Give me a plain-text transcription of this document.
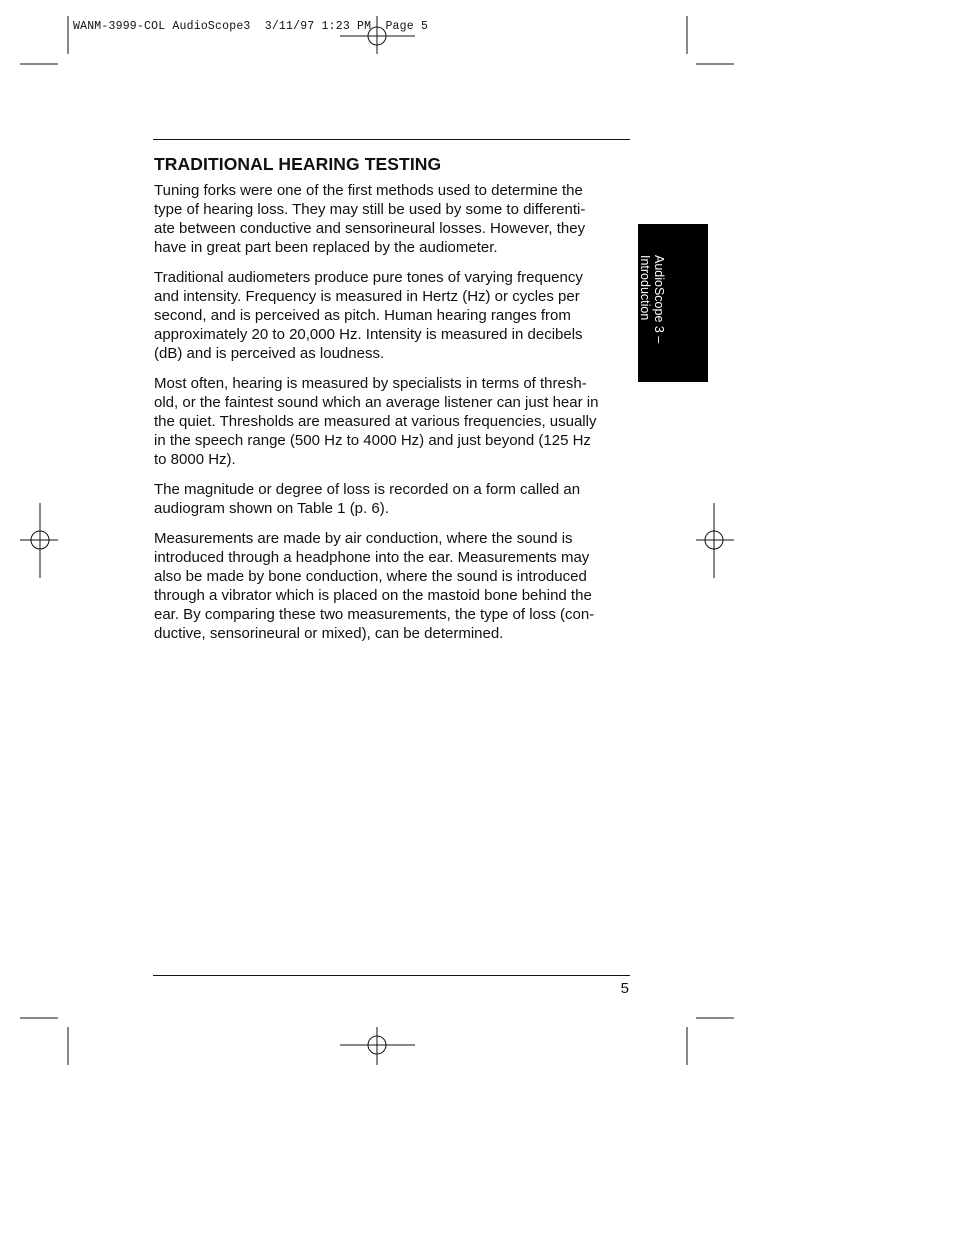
WANM-3999-COL AudioScope3  3/11/97 1:23 PM  Page 5
TRADITIONAL HEARING TESTING

Tuning forks were one of the first methods used to determine the
type of hearing loss. They may still be used by some to differenti-
ate between conductive and sensorineural losses. However, they
have in great part been replaced by the audiometer.

Traditional audiometers produce pure tones of varying frequency
and intensity. Frequency is measured in Hertz (Hz) or cycles per
second, and is perceived as pitch. Human hearing ranges from
approximately 20 to 20,000 Hz. Intensity is measured in decibels
(dB) and is perceived as loudness.

Most often, hearing is measured by specialists in terms of thresh-
old, or the faintest sound which an average listener can just hear in
the quiet. Thresholds are measured at various frequencies, usually
in the speech range (500 Hz to 4000 Hz) and just beyond (125 Hz
to 8000 Hz).

The magnitude or degree of loss is recorded on a form called an
audiogram shown on Table 1 (p. 6).

Measurements are made by air conduction, where the sound is
introduced through a headphone into the ear. Measurements may
also be made by bone conduction, where the sound is introduced
through a vibrator which is placed on the mastoid bone behind the
ear. By comparing these two measurements, the type of loss (con-
ductive, sensorineural or mixed), can be determined.

AudioScope 3 –
Introduction
5
